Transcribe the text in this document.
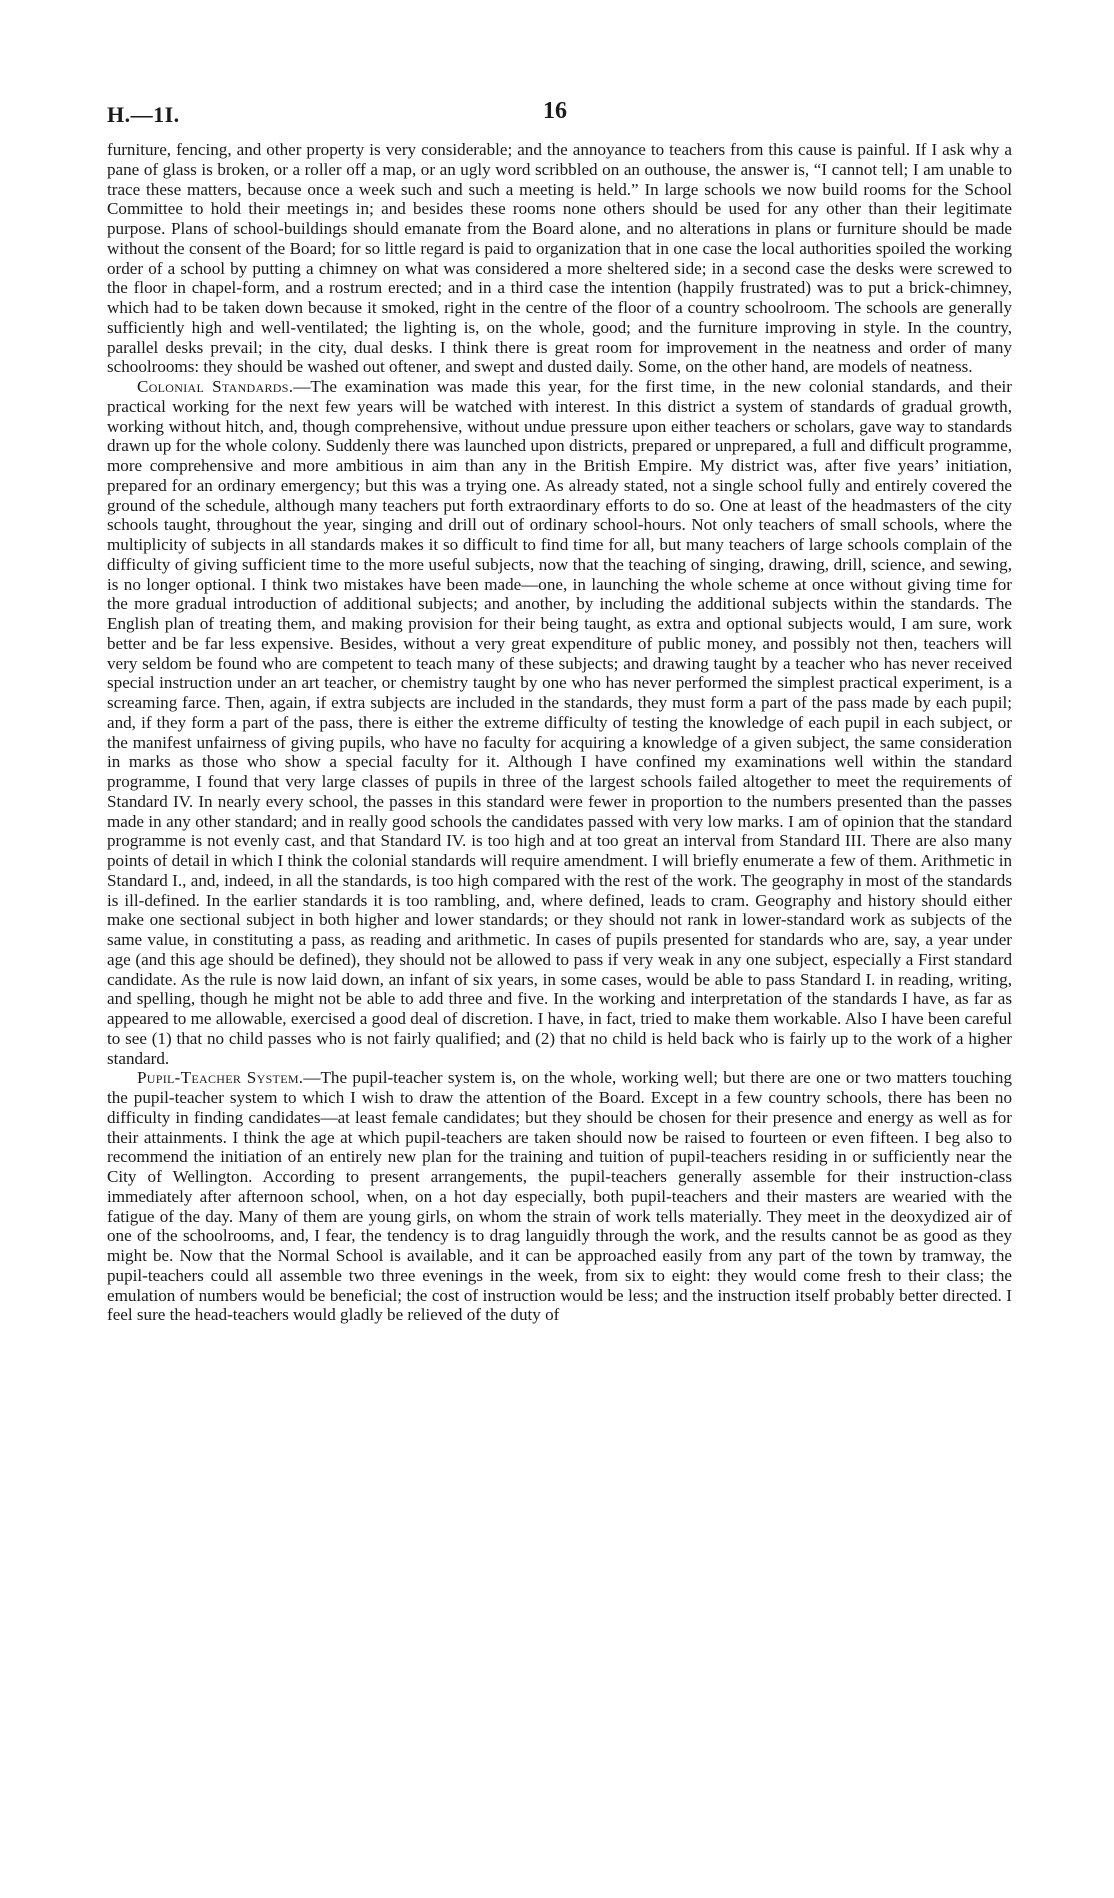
H.—1I.	16

furniture, fencing, and other property is very considerable; and the annoyance to teachers from this cause is painful. If I ask why a pane of glass is broken, or a roller off a map, or an ugly word scribbled on an outhouse, the answer is, “I cannot tell; I am unable to trace these matters, because once a week such and such a meeting is held.” In large schools we now build rooms for the School Committee to hold their meetings in; and besides these rooms none others should be used for any other than their legitimate purpose. Plans of school-buildings should emanate from the Board alone, and no alterations in plans or furniture should be made without the consent of the Board; for so little regard is paid to organization that in one case the local authorities spoiled the working order of a school by putting a chimney on what was considered a more sheltered side; in a second case the desks were screwed to the floor in chapel-form, and a rostrum erected; and in a third case the intention (happily frustrated) was to put a brick-chimney, which had to be taken down because it smoked, right in the centre of the floor of a country schoolroom. The schools are generally sufficiently high and well-ventilated; the lighting is, on the whole, good; and the furniture improving in style. In the country, parallel desks prevail; in the city, dual desks. I think there is great room for improvement in the neatness and order of many schoolrooms: they should be washed out oftener, and swept and dusted daily. Some, on the other hand, are models of neatness.

Colonial Standards.—The examination was made this year, for the first time, in the new colonial standards, and their practical working for the next few years will be watched with interest. In this district a system of standards of gradual growth, working without hitch, and, though comprehensive, without undue pressure upon either teachers or scholars, gave way to standards drawn up for the whole colony. Suddenly there was launched upon districts, prepared or unprepared, a full and difficult programme, more comprehensive and more ambitious in aim than any in the British Empire. My district was, after five years’ initiation, prepared for an ordinary emergency; but this was a trying one. As already stated, not a single school fully and entirely covered the ground of the schedule, although many teachers put forth extraordinary efforts to do so. One at least of the headmasters of the city schools taught, throughout the year, singing and drill out of ordinary school-hours. Not only teachers of small schools, where the multiplicity of subjects in all standards makes it so difficult to find time for all, but many teachers of large schools complain of the difficulty of giving sufficient time to the more useful subjects, now that the teaching of singing, drawing, drill, science, and sewing, is no longer optional. I think two mistakes have been made—one, in launching the whole scheme at once without giving time for the more gradual introduction of additional subjects; and another, by including the additional subjects within the standards. The English plan of treating them, and making provision for their being taught, as extra and optional subjects would, I am sure, work better and be far less expensive. Besides, without a very great expenditure of public money, and possibly not then, teachers will very seldom be found who are competent to teach many of these subjects; and drawing taught by a teacher who has never received special instruction under an art teacher, or chemistry taught by one who has never performed the simplest practical experiment, is a screaming farce. Then, again, if extra subjects are included in the standards, they must form a part of the pass made by each pupil; and, if they form a part of the pass, there is either the extreme difficulty of testing the knowledge of each pupil in each subject, or the manifest unfairness of giving pupils, who have no faculty for acquiring a knowledge of a given subject, the same consideration in marks as those who show a special faculty for it. Although I have confined my examinations well within the standard programme, I found that very large classes of pupils in three of the largest schools failed altogether to meet the requirements of Standard IV. In nearly every school, the passes in this standard were fewer in proportion to the numbers presented than the passes made in any other standard; and in really good schools the candidates passed with very low marks. I am of opinion that the standard programme is not evenly cast, and that Standard IV. is too high and at too great an interval from Standard III. There are also many points of detail in which I think the colonial standards will require amendment. I will briefly enumerate a few of them. Arithmetic in Standard I., and, indeed, in all the standards, is too high compared with the rest of the work. The geography in most of the standards is ill-defined. In the earlier standards it is too rambling, and, where defined, leads to cram. Geography and history should either make one sectional subject in both higher and lower standards; or they should not rank in lower-standard work as subjects of the same value, in constituting a pass, as reading and arithmetic. In cases of pupils presented for standards who are, say, a year under age (and this age should be defined), they should not be allowed to pass if very weak in any one subject, especially a First standard candidate. As the rule is now laid down, an infant of six years, in some cases, would be able to pass Standard I. in reading, writing, and spelling, though he might not be able to add three and five. In the working and interpretation of the standards I have, as far as appeared to me allowable, exercised a good deal of discretion. I have, in fact, tried to make them workable. Also I have been careful to see (1) that no child passes who is not fairly qualified; and (2) that no child is held back who is fairly up to the work of a higher standard.

Pupil-Teacher System.—The pupil-teacher system is, on the whole, working well; but there are one or two matters touching the pupil-teacher system to which I wish to draw the attention of the Board. Except in a few country schools, there has been no difficulty in finding candidates—at least female candidates; but they should be chosen for their presence and energy as well as for their attainments. I think the age at which pupil-teachers are taken should now be raised to fourteen or even fifteen. I beg also to recommend the initiation of an entirely new plan for the training and tuition of pupil-teachers residing in or sufficiently near the City of Wellington. According to present arrangements, the pupil-teachers generally assemble for their instruction-class immediately after afternoon school, when, on a hot day especially, both pupil-teachers and their masters are wearied with the fatigue of the day. Many of them are young girls, on whom the strain of work tells materially. They meet in the deoxydized air of one of the schoolrooms, and, I fear, the tendency is to drag languidly through the work, and the results cannot be as good as they might be. Now that the Normal School is available, and it can be approached easily from any part of the town by tramway, the pupil-teachers could all assemble two three evenings in the week, from six to eight: they would come fresh to their class; the emulation of numbers would be beneficial; the cost of instruction would be less; and the instruction itself probably better directed. I feel sure the head-teachers would gladly be relieved of the duty of
